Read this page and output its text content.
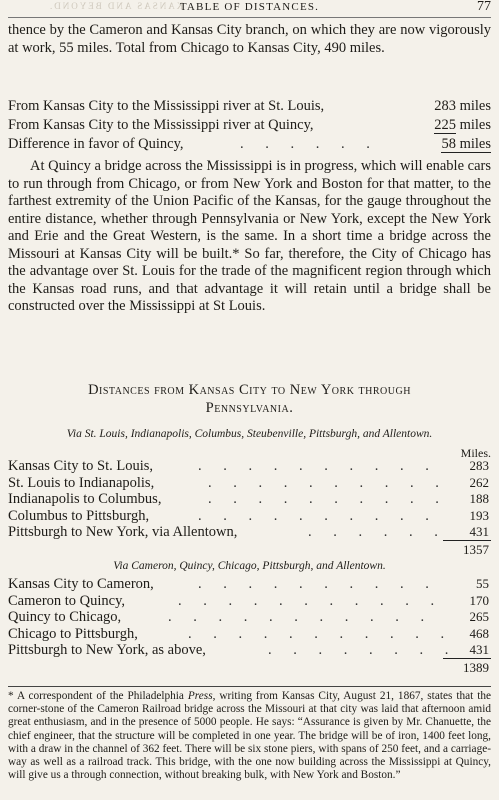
KANSAS AND BEYOND.
TABLE OF DISTANCES.	77
thence by the Cameron and Kansas City branch, on which they are now vigorously at work, 55 miles. Total from Chicago to Kansas City, 490 miles.
From Kansas City to the Mississippi river at St. Louis,	283 miles
From Kansas City to the Mississippi river at Quincy,	225 miles
Difference in favor of Quincy,	. . . . . .	58 miles
At Quincy a bridge across the Mississippi is in progress, which will enable cars to run through from Chicago, or from New York and Boston for that matter, to the farthest extremity of the Union Pacific of the Kansas, for the gauge throughout the entire distance, whether through Pennsylvania or New York, except the New York and Erie and the Great Western, is the same. In a short time a bridge across the Missouri at Kansas City will be built.* So far, therefore, the City of Chicago has the advantage over St. Louis for the trade of the magnificent region through which the Kansas road runs, and that advantage it will retain until a bridge shall be constructed over the Mississippi at St Louis.
Distances from Kansas City to New York through
Pennsylvania.
Via St. Louis, Indianapolis, Columbus, Steubenville, Pittsburgh, and Allentown.
Miles.
Kansas City to St. Louis,	. . . . . . . . . . 283
St. Louis to Indianapolis,	. . . . . . . . . . 262
Indianapolis to Columbus,	. . . . . . . . . . 188
Columbus to Pittsburgh,	. . . . . . . . . . 193
Pittsburgh to New York, via Allentown,	. . . . . . 431
1357
Via Cameron, Quincy, Chicago, Pittsburgh, and Allentown.
Kansas City to Cameron,	. . . . . . . . . .	55
Cameron to Quincy,	. . . . . . . . . . . 170
Quincy to Chicago,	. . . . . . . . . . .	265
Chicago to Pittsburgh,	. . . . . . . . . . . 468
Pittsburgh to New York, as above,	. . . . . . . . 431
1389
* A correspondent of the Philadelphia Press, writing from Kansas City, August 21, 1867, states that the corner-stone of the Cameron Railroad bridge across the Missouri at that city was laid that afternoon amid great enthusiasm, and in the presence of 5000 people. He says: “Assurance is given by Mr. Chanuette, the chief engineer, that the structure will be completed in one year. The bridge will be of iron, 1400 feet long, with a draw in the channel of 362 feet. There will be six stone piers, with spans of 250 feet, and a carriage-way as well as a railroad track. This bridge, with the one now building across the Mississippi at Quincy, will give us a through connection, without breaking bulk, with New York and Boston.”
